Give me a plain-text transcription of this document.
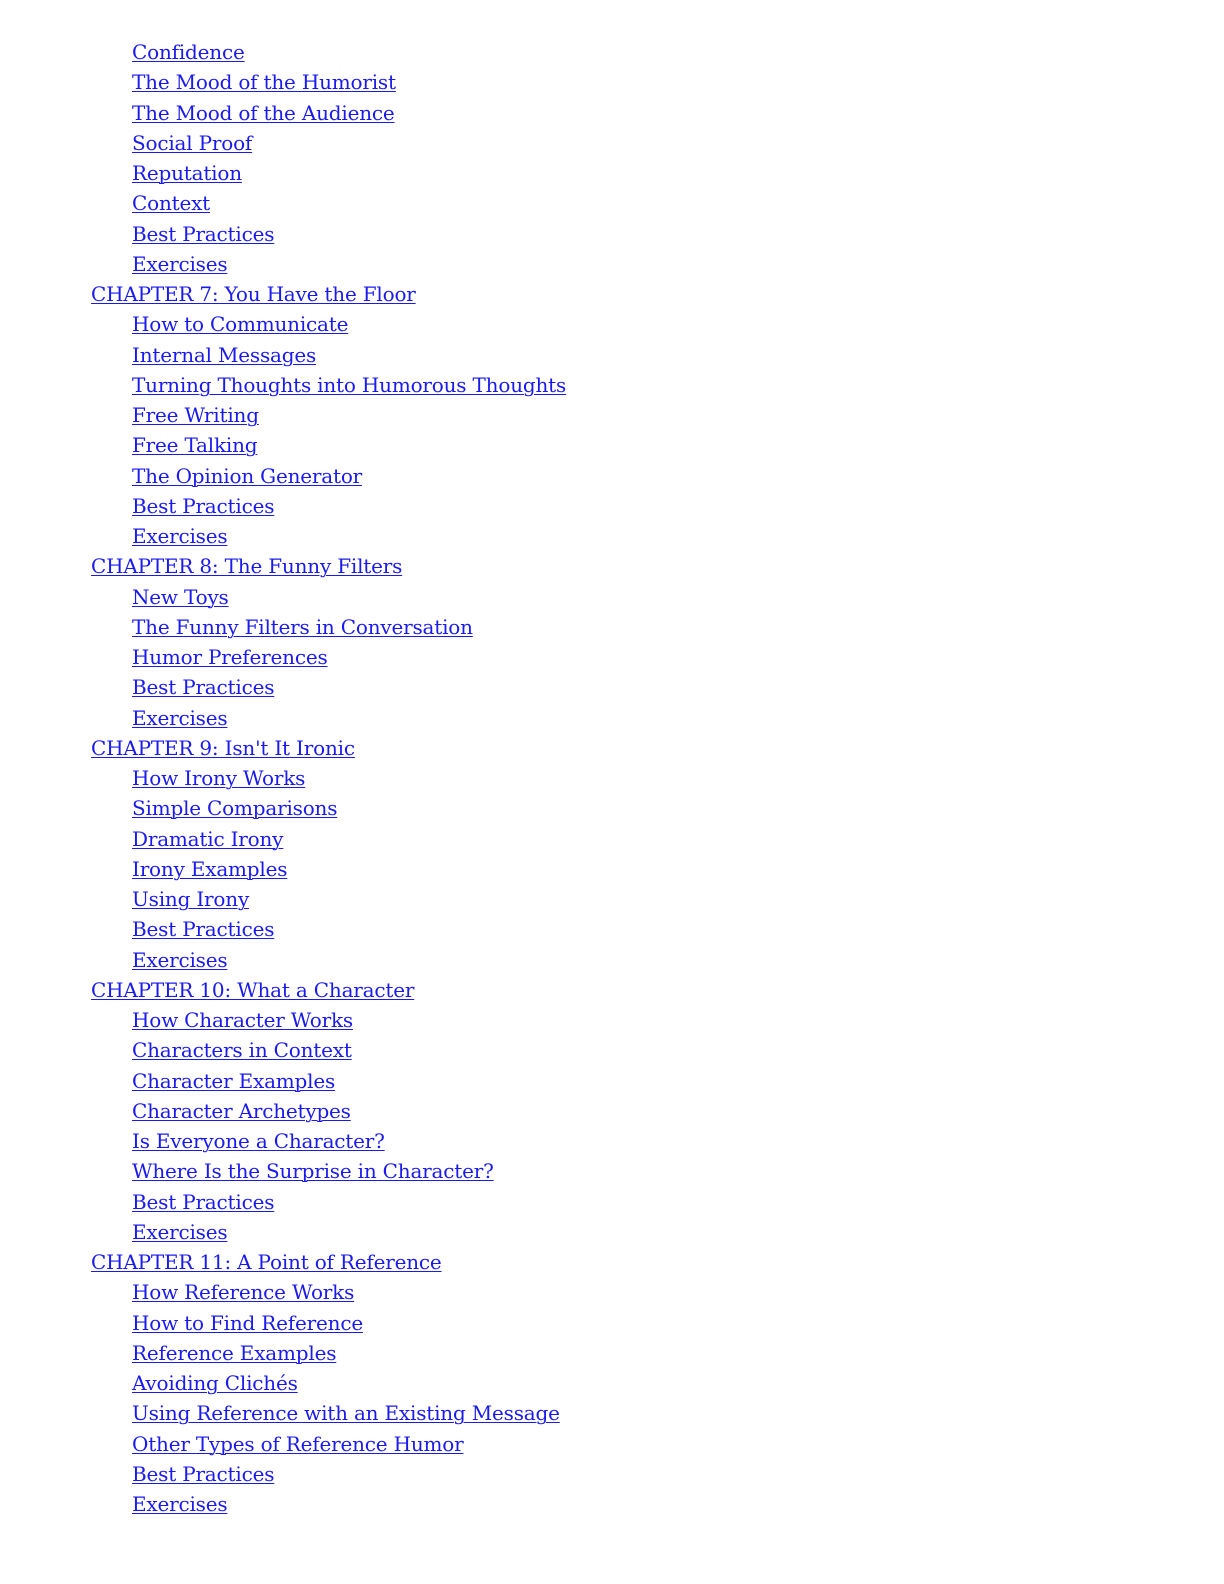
Confidence
The Mood of the Humorist
The Mood of the Audience
Social Proof
Reputation
Context
Best Practices
Exercises
CHAPTER 7: You Have the Floor
How to Communicate
Internal Messages
Turning Thoughts into Humorous Thoughts
Free Writing
Free Talking
The Opinion Generator
Best Practices
Exercises
CHAPTER 8: The Funny Filters
New Toys
The Funny Filters in Conversation
Humor Preferences
Best Practices
Exercises
CHAPTER 9: Isn't It Ironic
How Irony Works
Simple Comparisons
Dramatic Irony
Irony Examples
Using Irony
Best Practices
Exercises
CHAPTER 10: What a Character
How Character Works
Characters in Context
Character Examples
Character Archetypes
Is Everyone a Character?
Where Is the Surprise in Character?
Best Practices
Exercises
CHAPTER 11: A Point of Reference
How Reference Works
How to Find Reference
Reference Examples
Avoiding Clichés
Using Reference with an Existing Message
Other Types of Reference Humor
Best Practices
Exercises
